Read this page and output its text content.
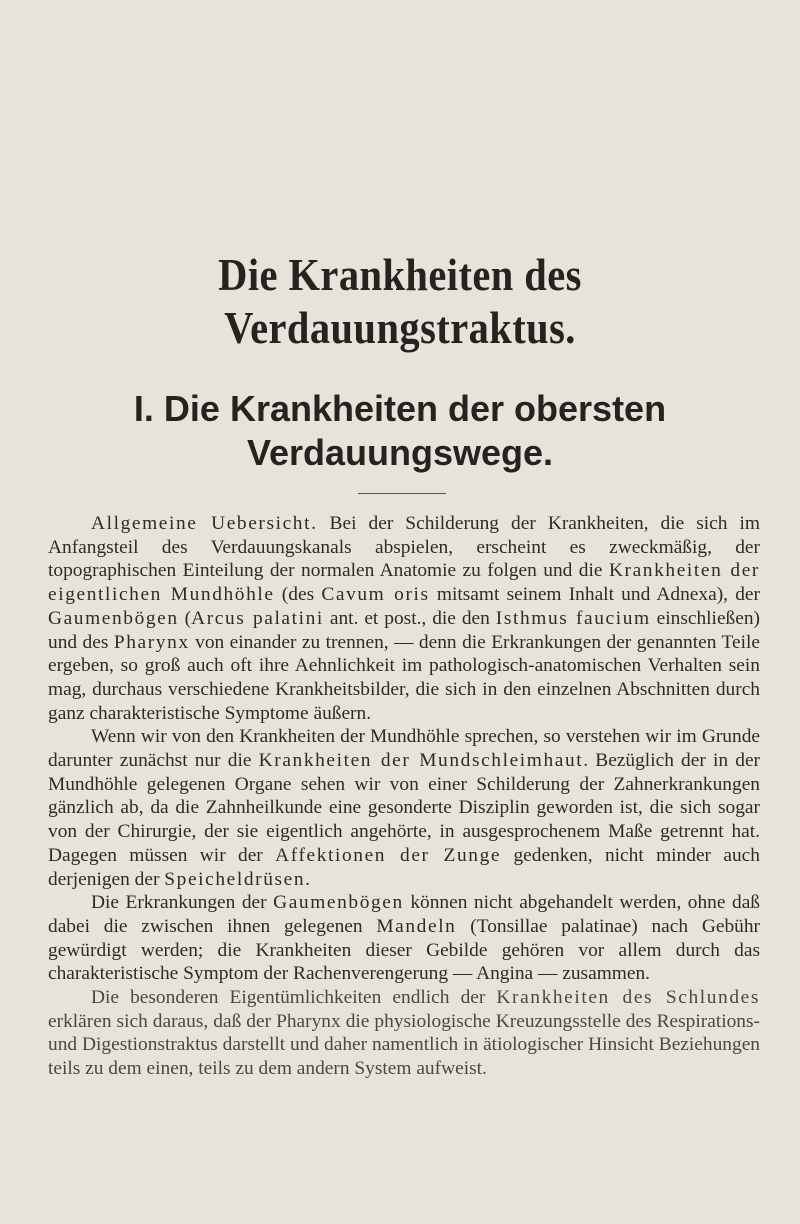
Die Krankheiten des Verdauungstraktus.
I. Die Krankheiten der obersten
Verdauungswege.

Allgemeine Uebersicht. Bei der Schilderung der Krankheiten, die sich im Anfangsteil des Verdauungskanals abspielen, erscheint es zweckmäßig, der topographischen Einteilung der normalen Anatomie zu folgen und die Krankheiten der eigentlichen Mundhöhle (des Cavum oris mitsamt seinem Inhalt und Adnexa), der Gaumenbögen (Arcus palatini ant. et post., die den Isthmus faucium einschließen) und des Pharynx von einander zu trennen, — denn die Erkrankungen der genannten Teile ergeben, so groß auch oft ihre Aehnlichkeit im pathologisch-anatomischen Verhalten sein mag, durchaus verschiedene Krankheitsbilder, die sich in den einzelnen Abschnitten durch ganz charakteristische Symptome äußern.

Wenn wir von den Krankheiten der Mundhöhle sprechen, so verstehen wir im Grunde darunter zunächst nur die Krankheiten der Mundschleimhaut. Bezüglich der in der Mundhöhle gelegenen Organe sehen wir von einer Schilderung der Zahnerkrankungen gänzlich ab, da die Zahnheilkunde eine gesonderte Disziplin geworden ist, die sich sogar von der Chirurgie, der sie eigentlich angehörte, in ausgesprochenem Maße getrennt hat. Dagegen müssen wir der Affektionen der Zunge gedenken, nicht minder auch derjenigen der Speicheldrüsen.

Die Erkrankungen der Gaumenbögen können nicht abgehandelt werden, ohne daß dabei die zwischen ihnen gelegenen Mandeln (Tonsillae palatinae) nach Gebühr gewürdigt werden; die Krankheiten dieser Gebilde gehören vor allem durch das charakteristische Symptom der Rachenverengerung — Angina — zusammen.

Die besonderen Eigentümlichkeiten endlich der Krankheiten des Schlundes erklären sich daraus, daß der Pharynx die physiologische Kreuzungsstelle des Respirations- und Digestionstraktus darstellt und daher namentlich in ätiologischer Hinsicht Beziehungen teils zu dem einen, teils zu dem andern System aufweist.
